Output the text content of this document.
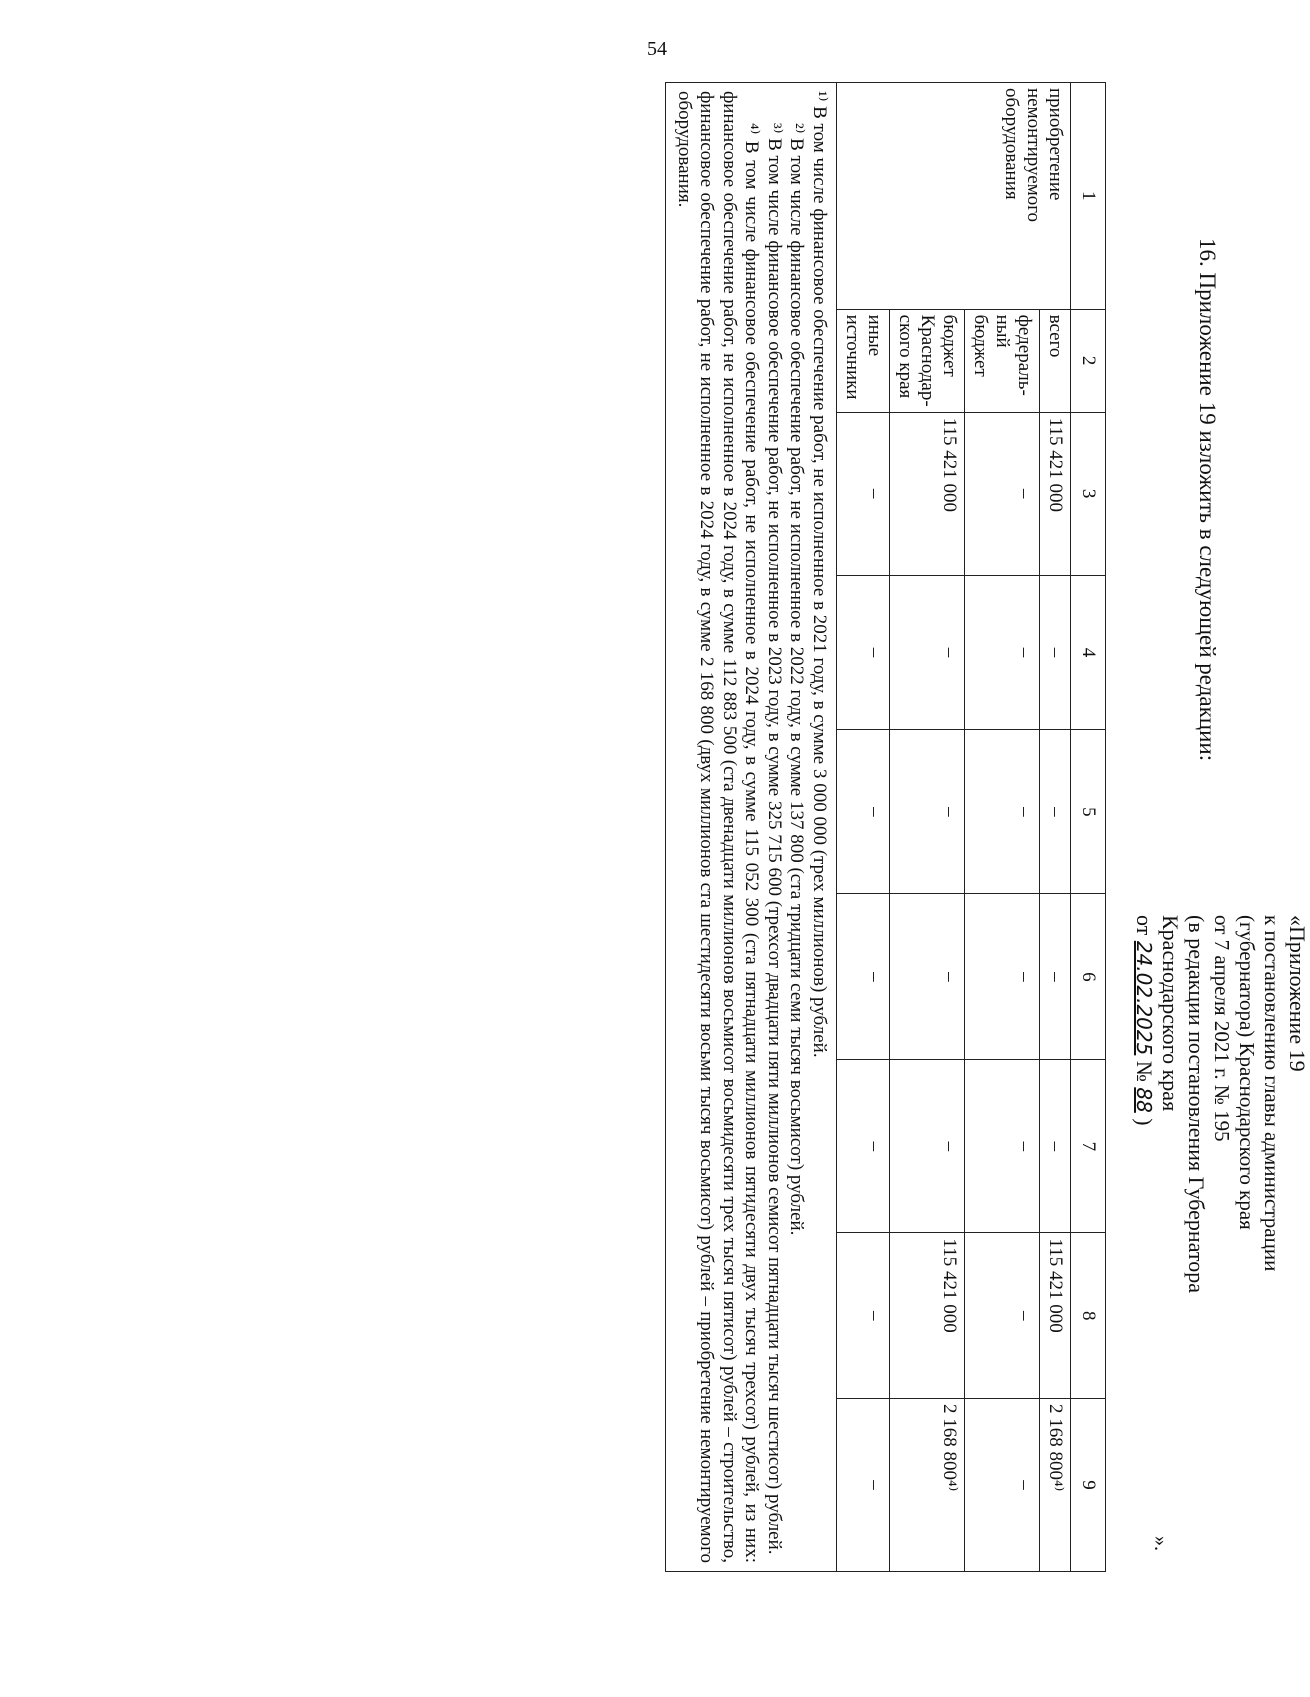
54
1	2	3	4	5	6	7	8	9
приобретение немонтируемого оборудования	всего	115 421 000	–	–	–	–	115 421 000	2 168 800⁴⁾
	федераль-ный бюджет	–	–	–	–	–	–	–
	бюджет Краснодар-ского края	115 421 000	–	–	–	–	115 421 000	2 168 800⁴⁾
	иные источники	–	–	–	–	–	–	–

¹⁾ В том числе финансовое обеспечение работ, не исполненное в 2021 году, в сумме 3 000 000 (трех миллионов) рублей.

²⁾ В том числе финансовое обеспечение работ, не исполненное в 2022 году, в сумме 137 800 (ста тридцати семи тысяч восьмисот) рублей.

³⁾ В том числе финансовое обеспечение работ, не исполненное в 2023 году, в сумме 325 715 600 (трехсот двадцати пяти миллионов семисот пятнадцати тысяч шестисот) рублей.

⁴⁾ В том числе финансовое обеспечение работ, не исполненное в 2024 году, в сумме 115 052 300 (ста пятнадцати миллионов пятидесяти двух тысяч трехсот) рублей, из них: финансовое обеспечение работ, не исполненное в 2024 году, в сумме 112 883 500 (ста двенадцати миллионов восьмисот восьмидесяти трех тысяч пятисот) рублей – строительство, финансовое обеспечение работ, не исполненное в 2024 году, в сумме 2 168 800 (двух миллионов ста шестидесяти восьми тысяч восьмисот) рублей – приобретение немонтируемого оборудования.								

».
16. Приложение 19 изложить в следующей редакции:
«Приложение 19
к постановлению главы администрации
(губернатора) Краснодарского края
от 7 апреля 2021 г. № 195
(в редакции постановления Губернатора
Краснодарского края
от 24.02.2025 № 88 )
